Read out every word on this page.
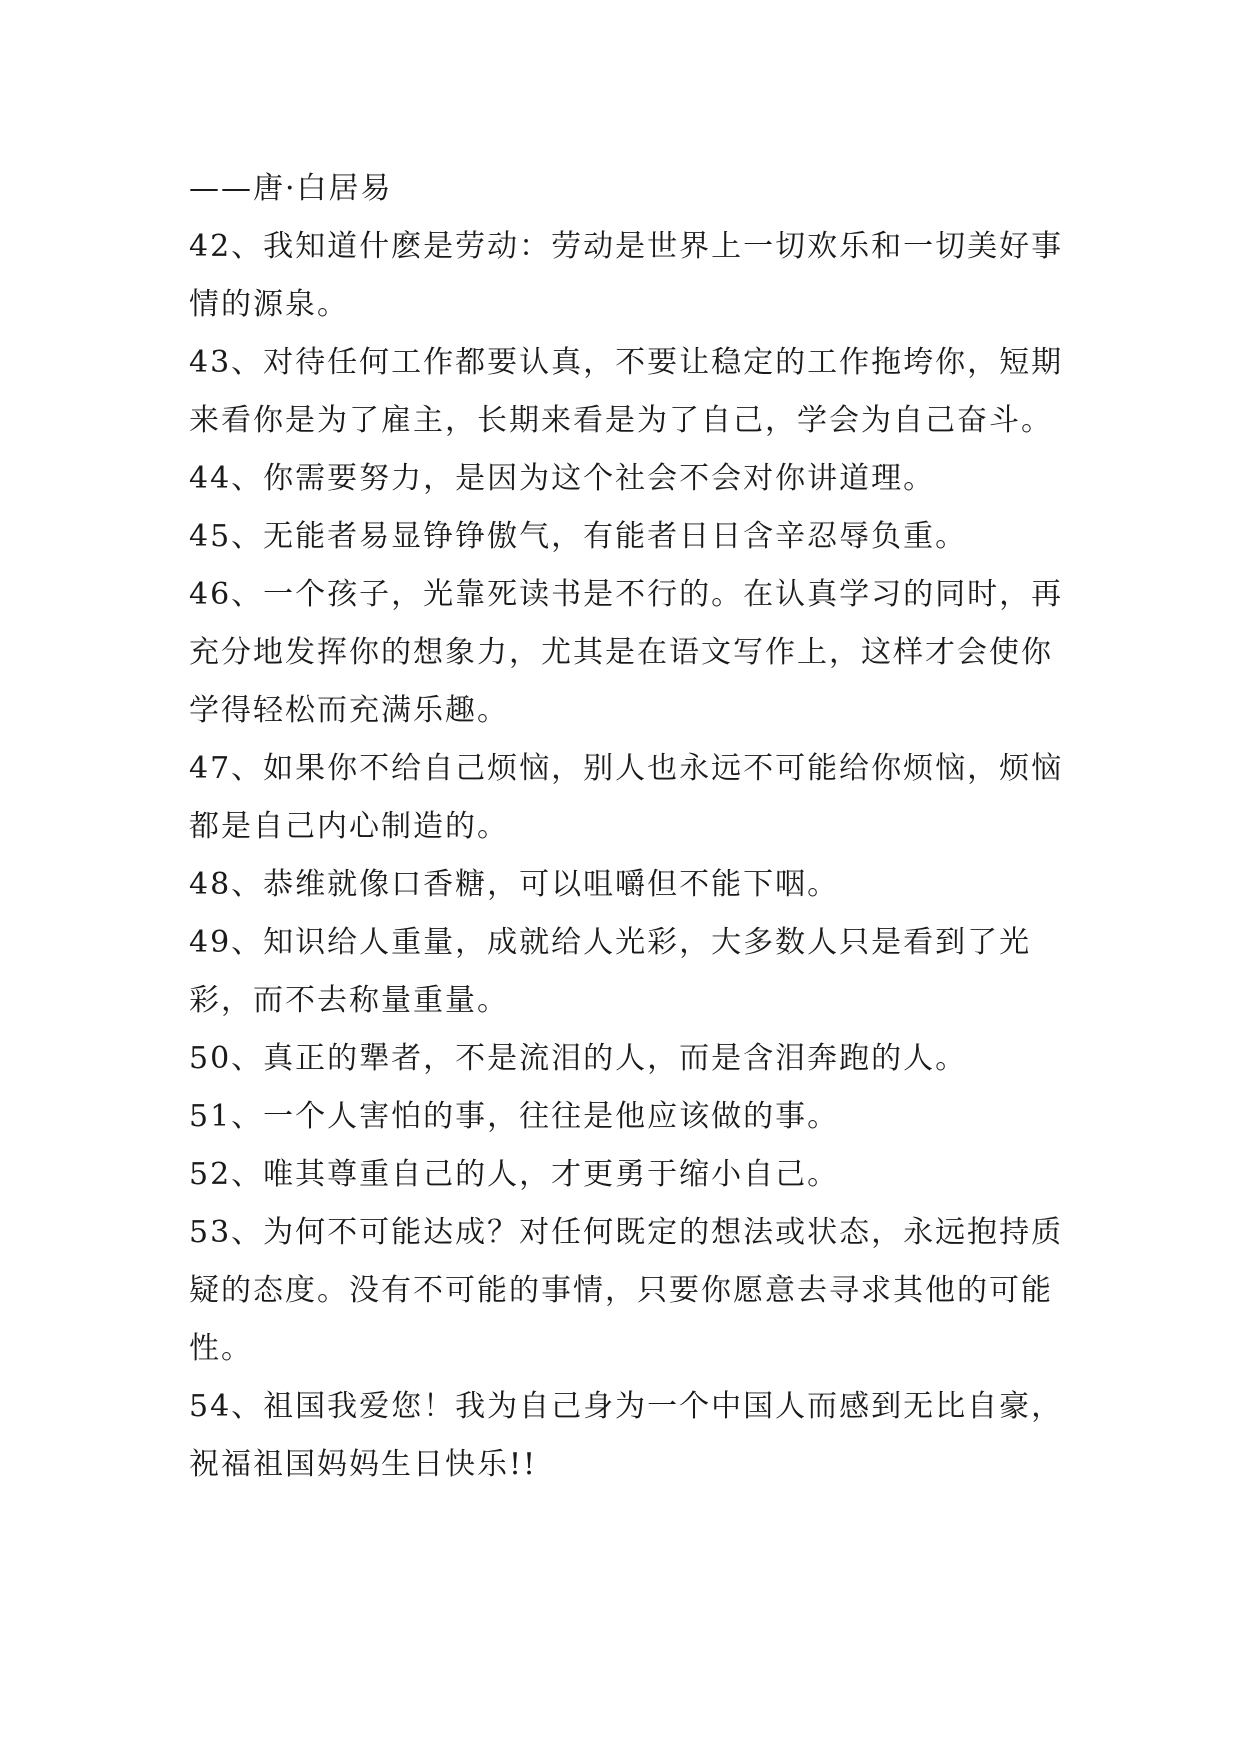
——唐·白居易

42、我知道什麽是劳动：劳动是世界上一切欢乐和一切美好事情的源泉。

43、对待任何工作都要认真，不要让稳定的工作拖垮你，短期来看你是为了雇主，长期来看是为了自己，学会为自己奋斗。

44、你需要努力，是因为这个社会不会对你讲道理。

45、无能者易显铮铮傲气，有能者日日含辛忍辱负重。

46、一个孩子，光靠死读书是不行的。在认真学习的同时，再充分地发挥你的想象力，尤其是在语文写作上，这样才会使你学得轻松而充满乐趣。

47、如果你不给自己烦恼，别人也永远不可能给你烦恼，烦恼都是自己内心制造的。

48、恭维就像口香糖，可以咀嚼但不能下咽。

49、知识给人重量，成就给人光彩，大多数人只是看到了光彩，而不去称量重量。

50、真正的犟者，不是流泪的人，而是含泪奔跑的人。

51、一个人害怕的事，往往是他应该做的事。

52、唯其尊重自己的人，才更勇于缩小自己。

53、为何不可能达成？对任何既定的想法或状态，永远抱持质疑的态度。没有不可能的事情，只要你愿意去寻求其他的可能性。

54、祖国我爱您！我为自己身为一个中国人而感到无比自豪，祝福祖国妈妈生日快乐!!
